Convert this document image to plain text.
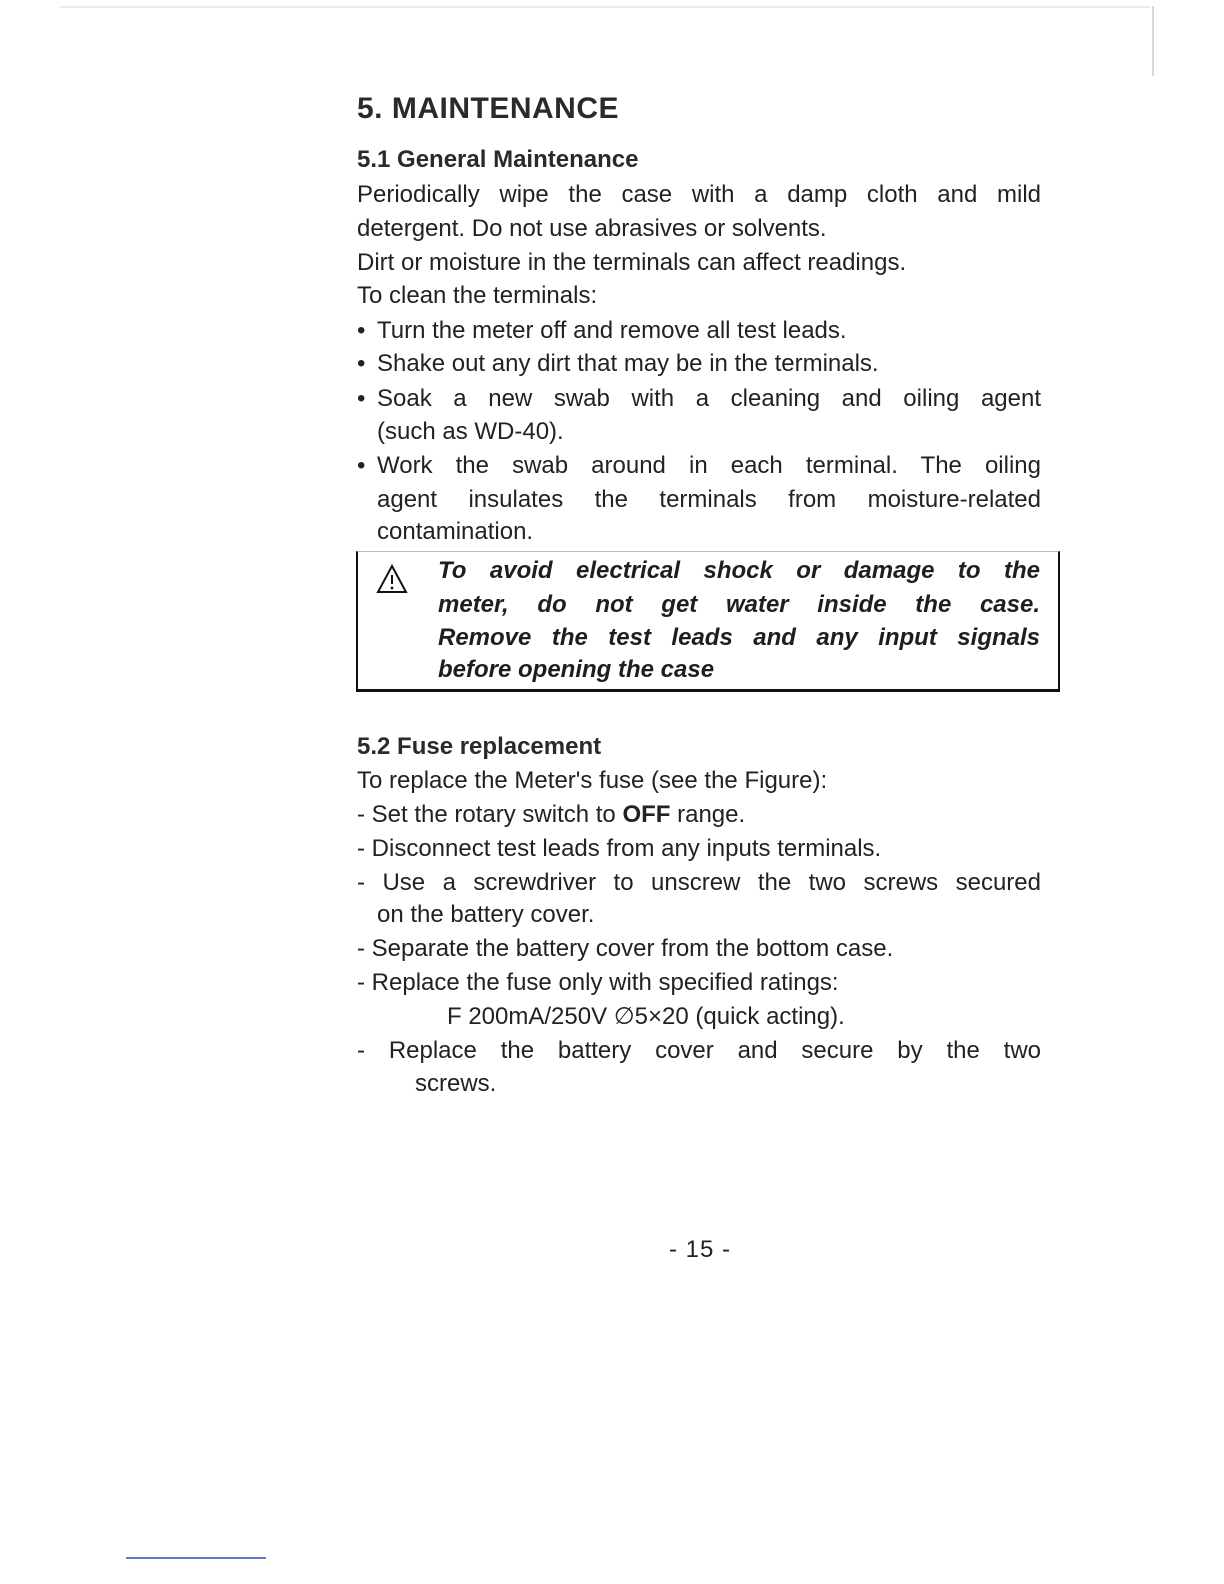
5. MAINTENANCE
5.1 General Maintenance
Periodically wipe the case with a damp cloth and mild
detergent. Do not use abrasives or solvents.
Dirt or moisture in the terminals can affect readings.
To clean the terminals:
• Turn the meter off and remove all test leads.
• Shake out any dirt that may be in the terminals.
• Soak a new swab with a cleaning and oiling agent
(such as WD-40).
• Work the swab around in each terminal. The oiling
agent insulates the terminals from moisture-related
contamination.
To avoid electrical shock or damage to the
meter, do not get water inside the case.
Remove the test leads and any input signals
before opening the case
5.2 Fuse replacement
To replace the Meter's fuse (see the Figure):
- Set the rotary switch to OFF range.
- Disconnect test leads from any inputs terminals.
- Use a screwdriver to unscrew the two screws secured
on the battery cover.
- Separate the battery cover from the bottom case.
- Replace the fuse only with specified ratings:
F 200mA/250V ∅5×20 (quick acting).
- Replace the battery cover and secure by the two
screws.
- 15 -
